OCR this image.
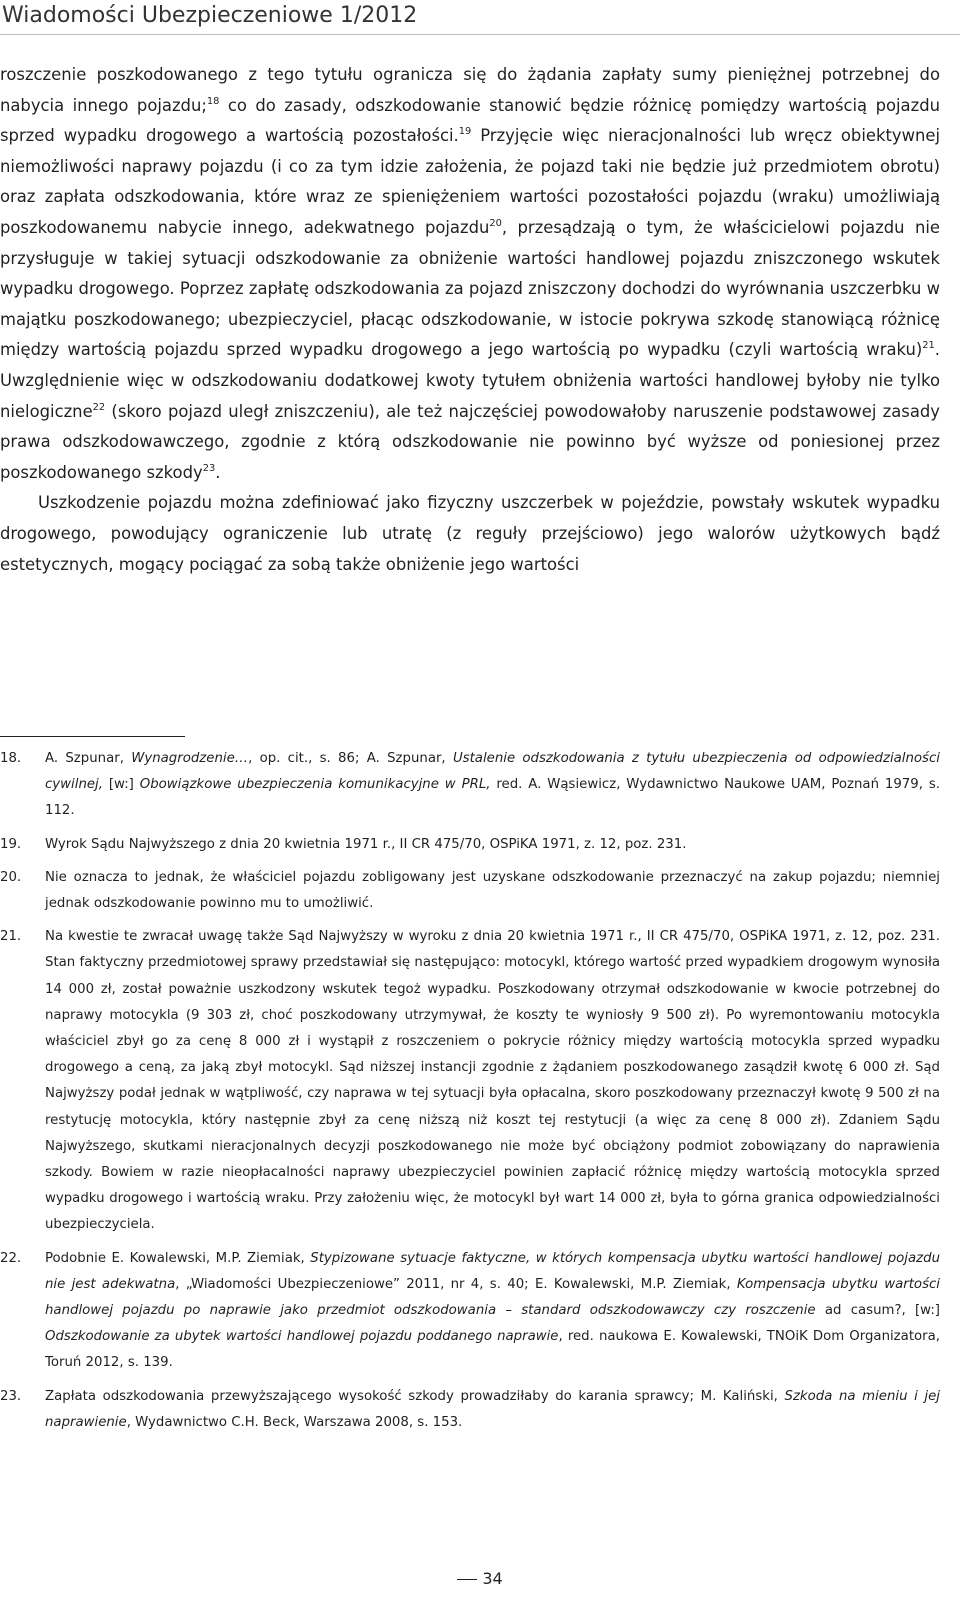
Wiadomości Ubezpieczeniowe 1/2012

roszczenie poszkodowanego z tego tytułu ogranicza się do żądania zapłaty sumy pieniężnej potrzebnej do nabycia innego pojazdu;$^{18}$ co do zasady, odszkodowanie stanowić będzie różnicę pomiędzy wartością pojazdu sprzed wypadku drogowego a wartością pozostałości.$^{19}$ Przyjęcie więc nieracjonalności lub wręcz obiektywnej niemożliwości naprawy pojazdu (i co za tym idzie założenia, że pojazd taki nie będzie już przedmiotem obrotu) oraz zapłata odszkodowania, które wraz ze spieniężeniem wartości pozostałości pojazdu (wraku) umożliwiają poszkodowanemu nabycie innego, adekwatnego pojazdu$^{20}$, przesądzają o tym, że właścicielowi pojazdu nie przysługuje w takiej sytuacji odszkodowanie za obniżenie wartości handlowej pojazdu zniszczonego wskutek wypadku drogowego. Poprzez zapłatę odszkodowania za pojazd zniszczony dochodzi do wyrównania uszczerbku w majątku poszkodowanego; ubezpieczyciel, płacąc odszkodowanie, w istocie pokrywa szkodę stanowiącą różnicę między wartością pojazdu sprzed wypadku drogowego a jego wartością po wypadku (czyli wartością wraku)$^{21}$. Uwzględnienie więc w odszkodowaniu dodatkowej kwoty tytułem obniżenia wartości handlowej byłoby nie tylko nielogiczne$^{22}$ (skoro pojazd uległ zniszczeniu), ale też najczęściej powodowałoby naruszenie podstawowej zasady prawa odszkodowawczego, zgodnie z którą odszkodowanie nie powinno być wyższe od poniesionej przez poszkodowanego szkody$^{23}$.

Uszkodzenie pojazdu można zdefiniować jako fizyczny uszczerbek w pojeździe, powstały wskutek wypadku drogowego, powodujący ograniczenie lub utratę (z reguły przejściowo) jego walorów użytkowych bądź estetycznych, mogący pociągać za sobą także obniżenie jego wartości

18.	A. Szpunar, Wynagrodzenie…, op. cit., s. 86; A. Szpunar, Ustalenie odszkodowania z tytułu ubezpieczenia od odpowiedzialności cywilnej, [w:] Obowiązkowe ubezpieczenia komunikacyjne w PRL, red. A. Wąsiewicz, Wydawnictwo Naukowe UAM, Poznań 1979, s. 112.
19.	Wyrok Sądu Najwyższego z dnia 20 kwietnia 1971 r., II CR 475/70, OSPiKA 1971, z. 12, poz. 231.
20.	Nie oznacza to jednak, że właściciel pojazdu zobligowany jest uzyskane odszkodowanie przeznaczyć na zakup pojazdu; niemniej jednak odszkodowanie powinno mu to umożliwić.
21.	Na kwestie te zwracał uwagę także Sąd Najwyższy w wyroku z dnia 20 kwietnia 1971 r., II CR 475/70, OSPiKA 1971, z. 12, poz. 231. Stan faktyczny przedmiotowej sprawy przedstawiał się następująco: motocykl, którego wartość przed wypadkiem drogowym wynosiła 14 000 zł, został poważnie uszkodzony wskutek tegoż wypadku. Poszkodowany otrzymał odszkodowanie w kwocie potrzebnej do naprawy motocykla (9 303 zł, choć poszkodowany utrzymywał, że koszty te wyniosły 9 500 zł). Po wyremontowaniu motocykla właściciel zbył go za cenę 8 000 zł i wystąpił z roszczeniem o pokrycie różnicy między wartością motocykla sprzed wypadku drogowego a ceną, za jaką zbył motocykl. Sąd niższej instancji zgodnie z żądaniem poszkodowanego zasądził kwotę 6 000 zł. Sąd Najwyższy podał jednak w wątpliwość, czy naprawa w tej sytuacji była opłacalna, skoro poszkodowany przeznaczył kwotę 9 500 zł na restytucję motocykla, który następnie zbył za cenę niższą niż koszt tej restytucji (a więc za cenę 8 000 zł). Zdaniem Sądu Najwyższego, skutkami nieracjonalnych decyzji poszkodowanego nie może być obciążony podmiot zobowiązany do naprawienia szkody. Bowiem w razie nieopłacalności naprawy ubezpieczyciel powinien zapłacić różnicę między wartością motocykla sprzed wypadku drogowego i wartością wraku. Przy założeniu więc, że motocykl był wart 14 000 zł, była to górna granica odpowiedzialności ubezpieczyciela.
22.	Podobnie E. Kowalewski, M.P. Ziemiak, Stypizowane sytuacje faktyczne, w których kompensacja ubytku wartości handlowej pojazdu nie jest adekwatna, „Wiadomości Ubezpieczeniowe” 2011, nr 4, s. 40; E. Kowalewski, M.P. Ziemiak, Kompensacja ubytku wartości handlowej pojazdu po naprawie jako przedmiot odszkodowania – standard odszkodowawczy czy roszczenie ad casum?, [w:] Odszkodowanie za ubytek wartości handlowej pojazdu poddanego naprawie, red. naukowa E. Kowalewski, TNOiK Dom Organizatora, Toruń 2012, s. 139.
23.	Zapłata odszkodowania przewyższającego wysokość szkody prowadziłaby do karania sprawcy; M. Kaliński, Szkoda na mieniu i jej naprawienie, Wydawnictwo C.H. Beck, Warszawa 2008, s. 153.
34
